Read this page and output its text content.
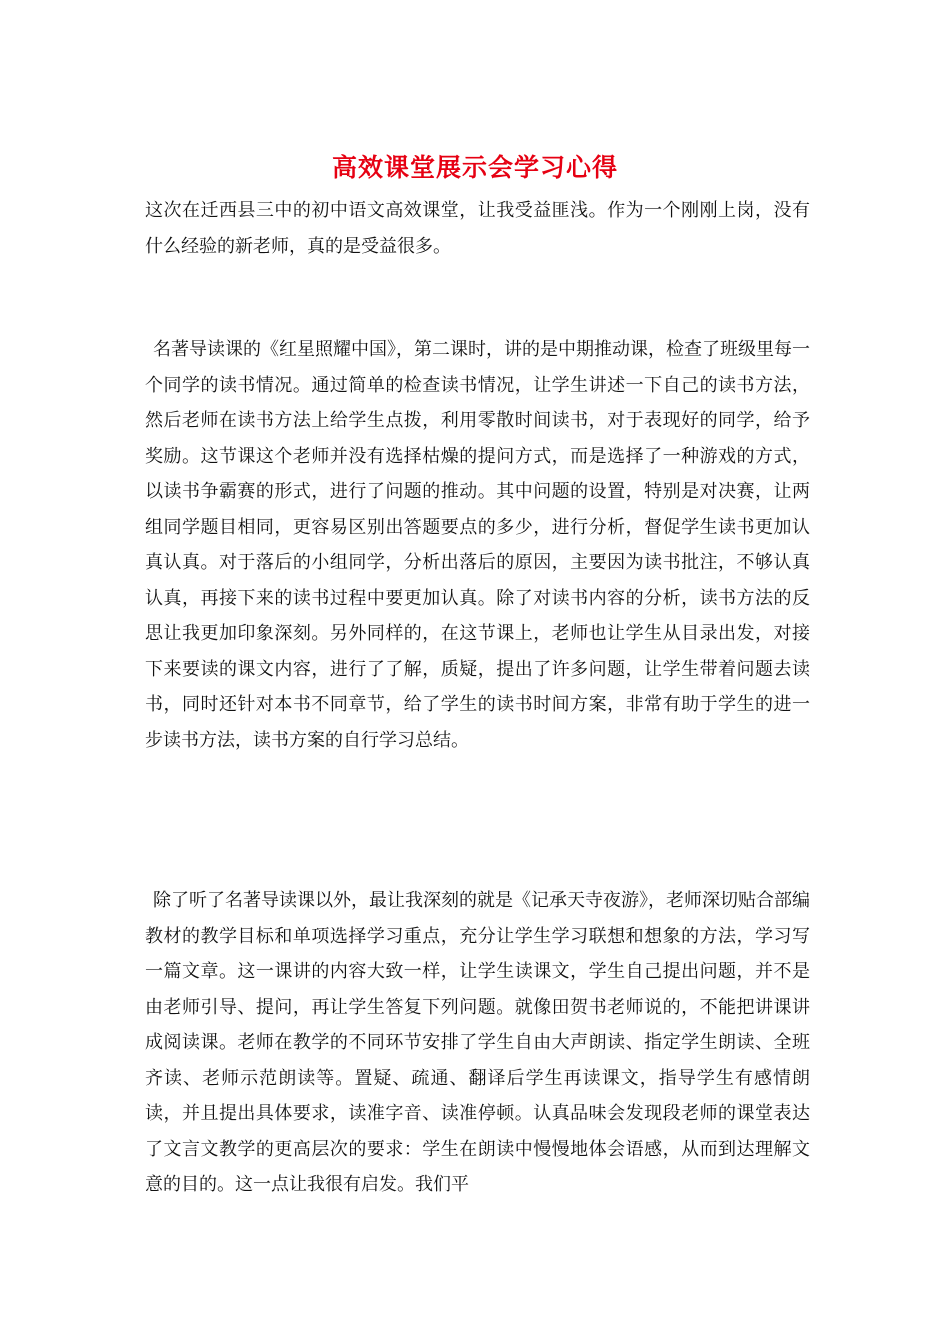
高效课堂展示会学习心得

这次在迁西县三中的初中语文高效课堂，让我受益匪浅。作为一个刚刚上岗，没有什么经验的新老师，真的是受益很多。

名著导读课的《红星照耀中国》，第二课时，讲的是中期推动课，检查了班级里每一个同学的读书情况。通过简单的检查读书情况，让学生讲述一下自己的读书方法，然后老师在读书方法上给学生点拨，利用零散时间读书，对于表现好的同学，给予奖励。这节课这个老师并没有选择枯燥的提问方式，而是选择了一种游戏的方式，以读书争霸赛的形式，进行了问题的推动。其中问题的设置，特别是对决赛，让两组同学题目相同，更容易区别出答题要点的多少，进行分析，督促学生读书更加认真认真。对于落后的小组同学，分析出落后的原因，主要因为读书批注，不够认真认真，再接下来的读书过程中要更加认真。除了对读书内容的分析，读书方法的反思让我更加印象深刻。另外同样的，在这节课上，老师也让学生从目录出发，对接下来要读的课文内容，进行了了解，质疑，提出了许多问题，让学生带着问题去读书，同时还针对本书不同章节，给了学生的读书时间方案，非常有助于学生的进一步读书方法，读书方案的自行学习总结。

除了听了名著导读课以外，最让我深刻的就是《记承天寺夜游》，老师深切贴合部编教材的教学目标和单项选择学习重点，充分让学生学习联想和想象的方法，学习写一篇文章。这一课讲的内容大致一样，让学生读课文，学生自己提出问题，并不是由老师引导、提问，再让学生答复下列问题。就像田贺书老师说的，不能把讲课讲成阅读课。老师在教学的不同环节安排了学生自由大声朗读、指定学生朗读、全班齐读、老师示范朗读等。置疑、疏通、翻译后学生再读课文，指导学生有感情朗读，并且提出具体要求，读准字音、读准停顿。认真品味会发现段老师的课堂表达了文言文教学的更高层次的要求：学生在朗读中慢慢地体会语感，从而到达理解文意的目的。这一点让我很有启发。我们平
